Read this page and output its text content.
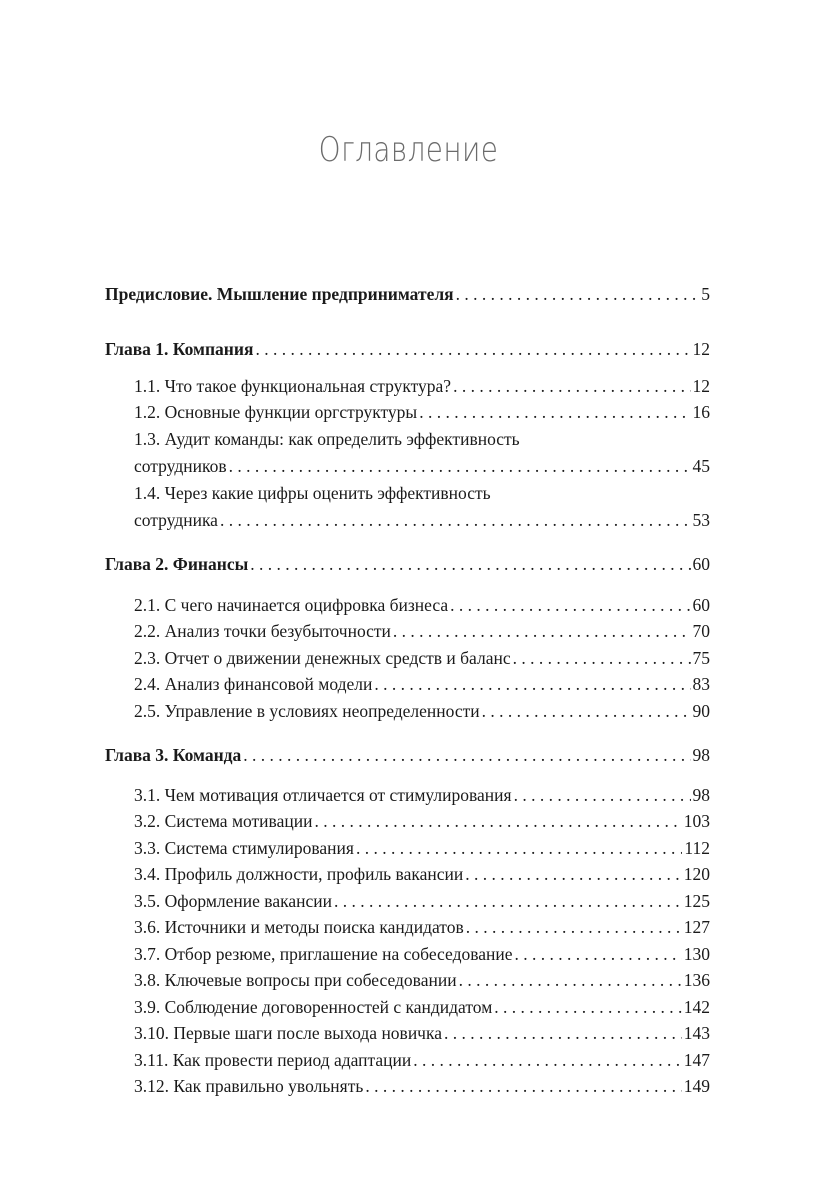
Оглавление
Предисловие. Мышление предпринимателя . . .	5
Глава 1. Компания . . .	12
1.1. Что такое функциональная структура? . . .	12
1.2. Основные функции оргструктуры . . .	16
1.3. Аудит команды: как определить эффективность
сотрудников . . .	45
1.4. Через какие цифры оценить эффективность
сотрудника . . .	53
Глава 2. Финансы . . .	60
2.1. С чего начинается оцифровка бизнеса . . .	60
2.2. Анализ точки безубыточности . . .	70
2.3. Отчет о движении денежных средств и баланс . . .	75
2.4. Анализ финансовой модели . . .	83
2.5. Управление в условиях неопределенности . . .	90
Глава 3. Команда . . .	98
3.1. Чем мотивация отличается от стимулирования . . .	98
3.2. Система мотивации . . .	103
3.3. Система стимулирования . . .	112
3.4. Профиль должности, профиль вакансии . . .	120
3.5. Оформление вакансии . . .	125
3.6. Источники и методы поиска кандидатов . . .	127
3.7. Отбор резюме, приглашение на собеседование . . .	130
3.8. Ключевые вопросы при собеседовании . . .	136
3.9. Соблюдение договоренностей с кандидатом . . .	142
3.10. Первые шаги после выхода новичка . . .	143
3.11. Как провести период адаптации . . .	147
3.12. Как правильно увольнять . . .	149
